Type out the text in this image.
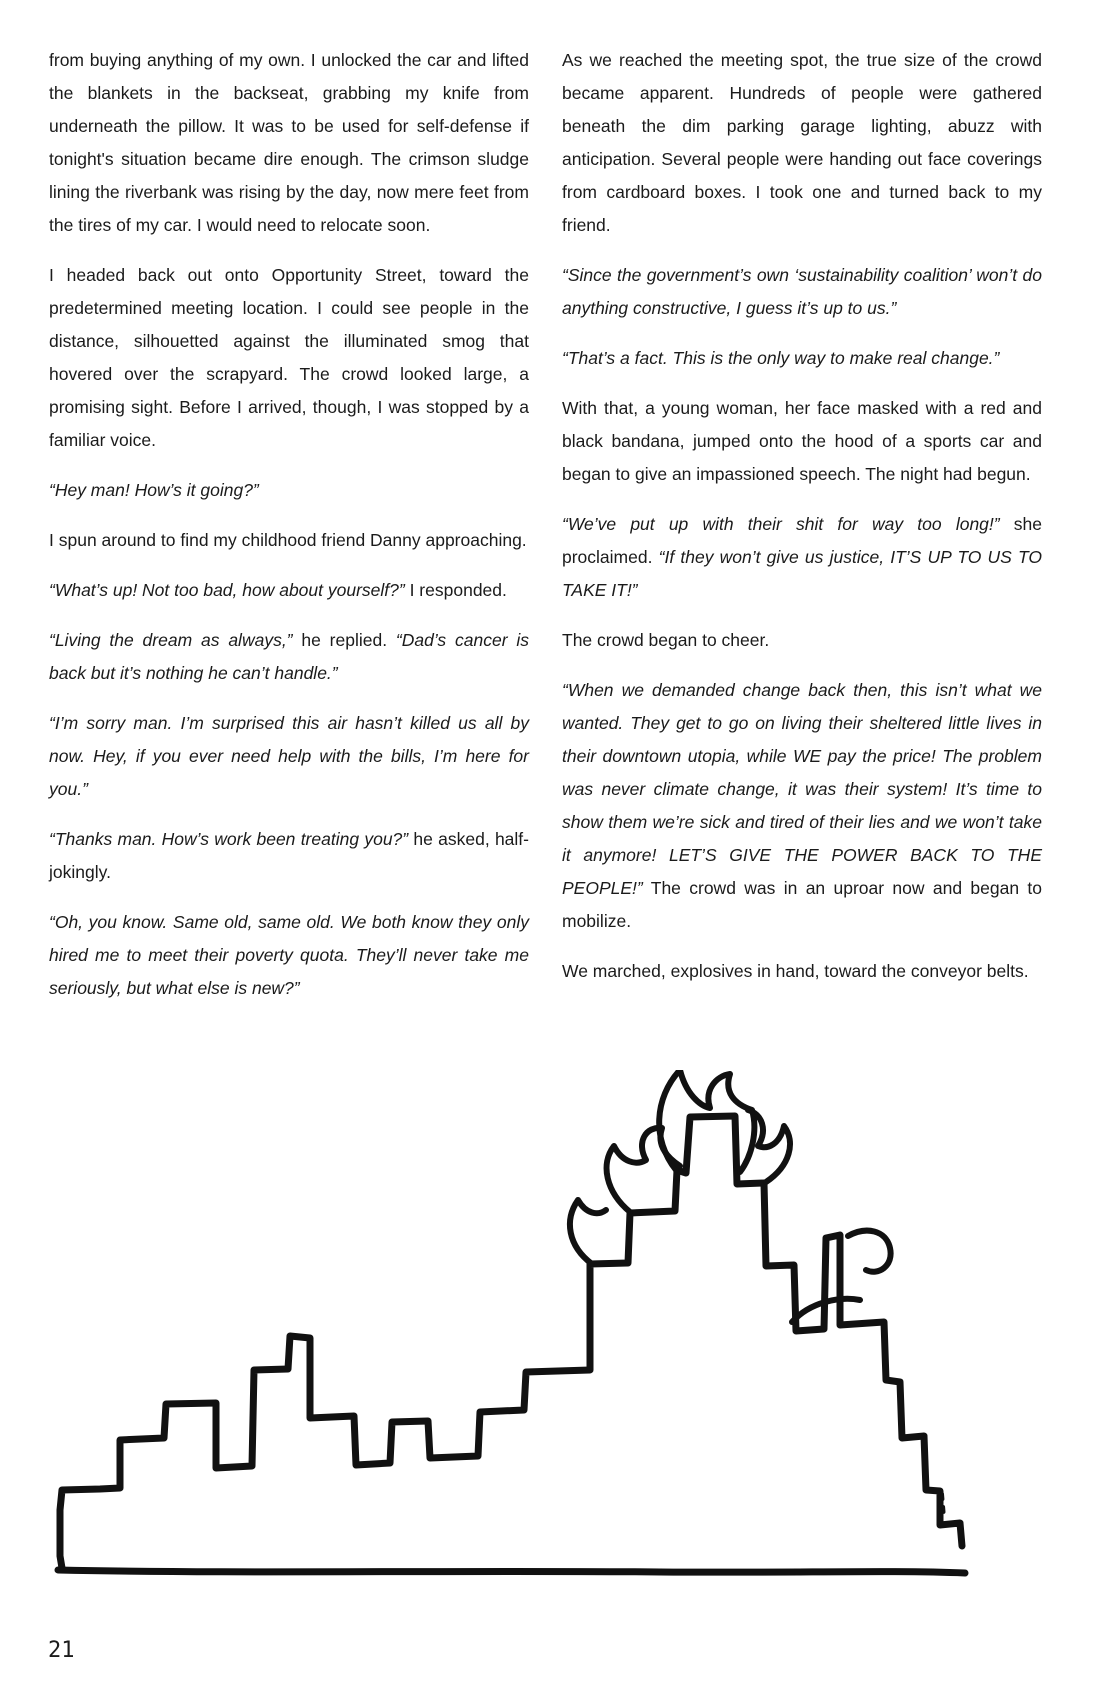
from buying anything of my own. I unlocked the car and lifted the blankets in the backseat, grabbing my knife from underneath the pillow. It was to be used for self-defense if tonight's situation became dire enough. The crimson sludge lining the riverbank was rising by the day, now mere feet from the tires of my car. I would need to relocate soon.

I headed back out onto Opportunity Street, toward the predetermined meeting location. I could see people in the distance, silhouetted against the illuminated smog that hovered over the scrapyard. The crowd looked large, a promising sight. Before I arrived, though, I was stopped by a familiar voice.

“Hey man! How’s it going?”

I spun around to find my childhood friend Danny approaching.

“What’s up! Not too bad, how about yourself?” I responded.

“Living the dream as always,” he replied. “Dad’s cancer is back but it’s nothing he can’t handle.”

“I’m sorry man. I’m surprised this air hasn’t killed us all by now. Hey, if you ever need help with the bills, I’m here for you.”

“Thanks man. How’s work been treating you?” he asked, half-jokingly.

“Oh, you know. Same old, same old. We both know they only hired me to meet their poverty quota. They’ll never take me seriously, but what else is new?”

As we reached the meeting spot, the true size of the crowd became apparent. Hundreds of people were gathered beneath the dim parking garage lighting, abuzz with anticipation. Several people were handing out face coverings from cardboard boxes. I took one and turned back to my friend.

“Since the government’s own ‘sustainability coalition’ won’t do anything constructive, I guess it’s up to us.”

“That’s a fact. This is the only way to make real change.”

With that, a young woman, her face masked with a red and black bandana, jumped onto the hood of a sports car and began to give an impassioned speech. The night had begun.

“We’ve put up with their shit for way too long!” she proclaimed. “If they won’t give us justice, IT’S UP TO US TO TAKE IT!”

The crowd began to cheer.

“When we demanded change back then, this isn’t what we wanted. They get to go on living their sheltered little lives in their downtown utopia, while WE pay the price! The problem was never climate change, it was their system! It’s time to show them we’re sick and tired of their lies and we won’t take it anymore! LET’S GIVE THE POWER BACK TO THE PEOPLE!” The crowd was in an uproar now and began to mobilize.

We marched, explosives in hand, toward the conveyor belts.

21
